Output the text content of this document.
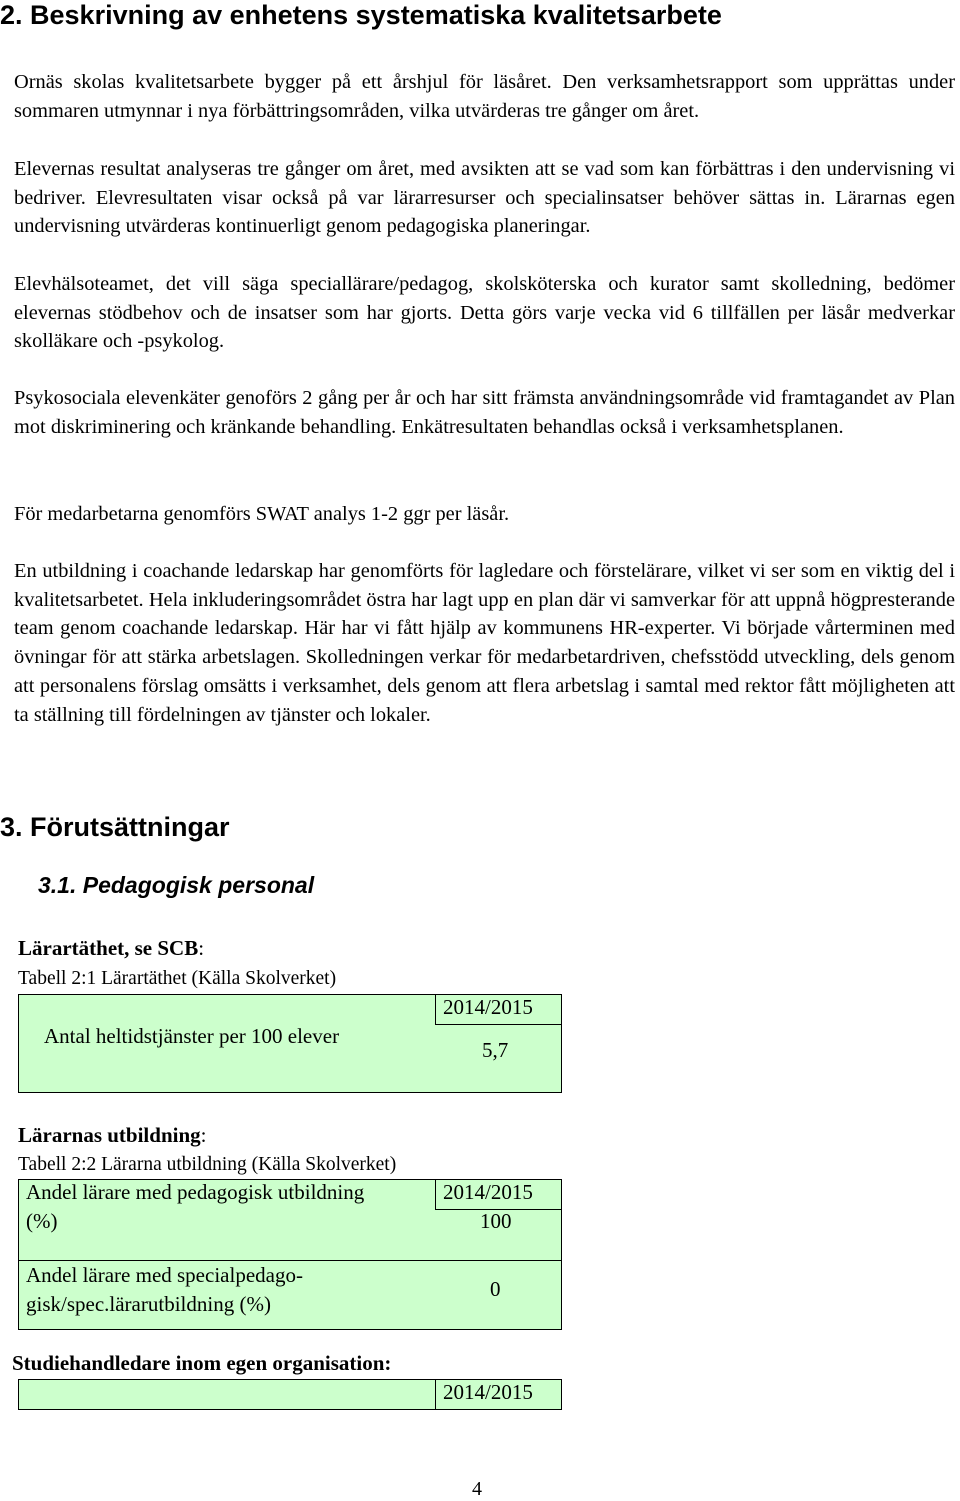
2. Beskrivning av enhetens systematiska kvalitetsarbete

Ornäs skolas kvalitetsarbete bygger på ett årshjul för läsåret. Den verksamhetsrapport som upprättas under sommaren utmynnar i nya förbättringsområden, vilka utvärderas tre gånger om året.

Elevernas resultat analyseras tre gånger om året, med avsikten att se vad som kan förbättras i den undervisning vi bedriver. Elevresultaten visar också på var lärarresurser och specialinsatser behöver sättas in. Lärarnas egen undervisning utvärderas kontinuerligt genom pedagogiska planeringar.

Elevhälsoteamet, det vill säga speciallärare/pedagog, skolsköterska och kurator samt skolledning, bedömer elevernas stödbehov och de insatser som har gjorts. Detta görs varje vecka vid 6 tillfällen per läsår medverkar skolläkare och -psykolog.

Psykosociala elevenkäter genoförs 2 gång per år och har sitt främsta användningsområde vid framtagandet av Plan mot diskriminering och kränkande behandling. Enkätresultaten behandlas också i verksamhetsplanen.

För medarbetarna genomförs SWAT analys 1-2 ggr per läsår.

En utbildning i coachande ledarskap har genomförts för lagledare och förstelärare, vilket vi ser som en viktig del i kvalitetsarbetet. Hela inkluderingsområdet östra har lagt upp en plan där vi samverkar för att uppnå högpresterande team genom coachande ledarskap. Här har vi fått hjälp av kommunens HR-experter. Vi började vårterminen med övningar för att stärka arbetslagen. Skolledningen verkar för medarbetardriven, chefsstödd utveckling, dels genom att personalens förslag omsätts i verksamhet, dels genom att flera arbetslag i samtal med rektor fått möjligheten att ta ställning till fördelningen av tjänster och lokaler.

3. Förutsättningar
3.1. Pedagogisk personal
Lärartäthet, se SCB:
Tabell 2:1 Lärartäthet (Källa Skolverket)
Antal heltidstjänster per 100 elever
2014/2015
5,7
Lärarnas utbildning:
Tabell 2:2 Lärarna utbildning (Källa Skolverket)
Andel lärare med pedagogisk utbildning
(%)
2014/2015
100
Andel lärare med specialpedago-
gisk/spec.lärarutbildning (%)
0
Studiehandledare inom egen organisation:
2014/2015
4
